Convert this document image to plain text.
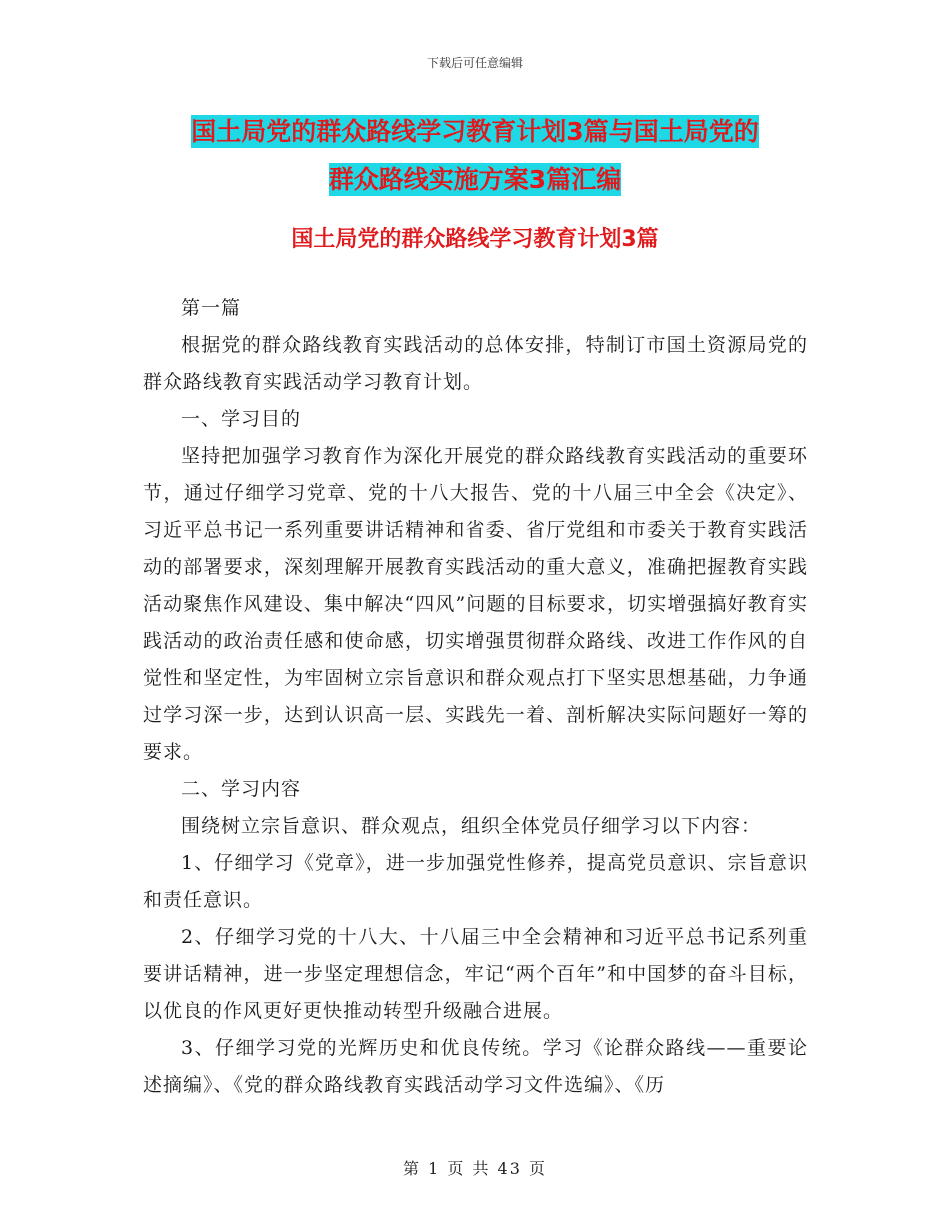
下载后可任意编辑
国土局党的群众路线学习教育计划3篇与国土局党的
群众路线实施方案3篇汇编
国土局党的群众路线学习教育计划3篇

第一篇

根据党的群众路线教育实践活动的总体安排，特制订市国土资源局党的群众路线教育实践活动学习教育计划。

一、学习目的

坚持把加强学习教育作为深化开展党的群众路线教育实践活动的重要环节，通过仔细学习党章、党的十八大报告、党的十八届三中全会《决定》、习近平总书记一系列重要讲话精神和省委、省厅党组和市委关于教育实践活动的部署要求，深刻理解开展教育实践活动的重大意义，准确把握教育实践活动聚焦作风建设、集中解决“四风”问题的目标要求，切实增强搞好教育实践活动的政治责任感和使命感，切实增强贯彻群众路线、改进工作作风的自觉性和坚定性，为牢固树立宗旨意识和群众观点打下坚实思想基础，力争通过学习深一步，达到认识高一层、实践先一着、剖析解决实际问题好一筹的要求。

二、学习内容

围绕树立宗旨意识、群众观点，组织全体党员仔细学习以下内容：

1、仔细学习《党章》，进一步加强党性修养，提高党员意识、宗旨意识和责任意识。

2、仔细学习党的十八大、十八届三中全会精神和习近平总书记系列重要讲话精神，进一步坚定理想信念，牢记“两个百年”和中国梦的奋斗目标，以优良的作风更好更快推动转型升级融合进展。

3、仔细学习党的光辉历史和优良传统。学习《论群众路线——重要论述摘编》、《党的群众路线教育实践活动学习文件选编》、《历

第 1 页 共 43 页
